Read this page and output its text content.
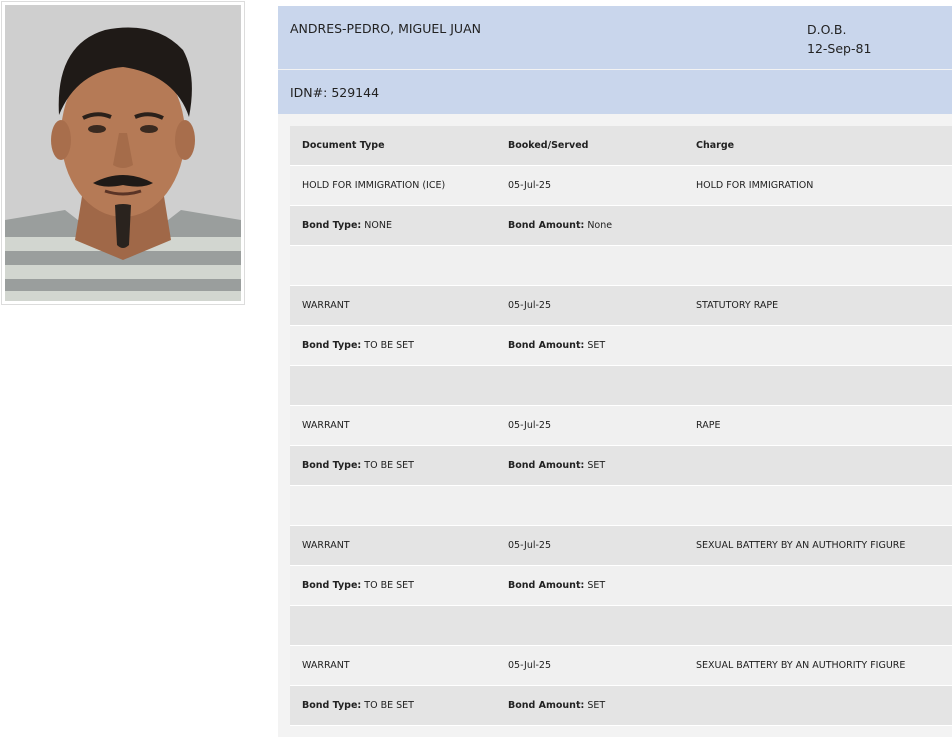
ANDRES-PEDRO, MIGUEL JUAN	D.O.B.
12-Sep-81
IDN#: 529144
Document Type	Booked/Served	Charge
HOLD FOR IMMIGRATION (ICE)	05-Jul-25	HOLD FOR IMMIGRATION
Bond Type: NONE	Bond Amount: None
WARRANT	05-Jul-25	STATUTORY RAPE
Bond Type: TO BE SET	Bond Amount: SET
WARRANT	05-Jul-25	RAPE
Bond Type: TO BE SET	Bond Amount: SET
WARRANT	05-Jul-25	SEXUAL BATTERY BY AN AUTHORITY FIGURE
Bond Type: TO BE SET	Bond Amount: SET
WARRANT	05-Jul-25	SEXUAL BATTERY BY AN AUTHORITY FIGURE
Bond Type: TO BE SET	Bond Amount: SET
